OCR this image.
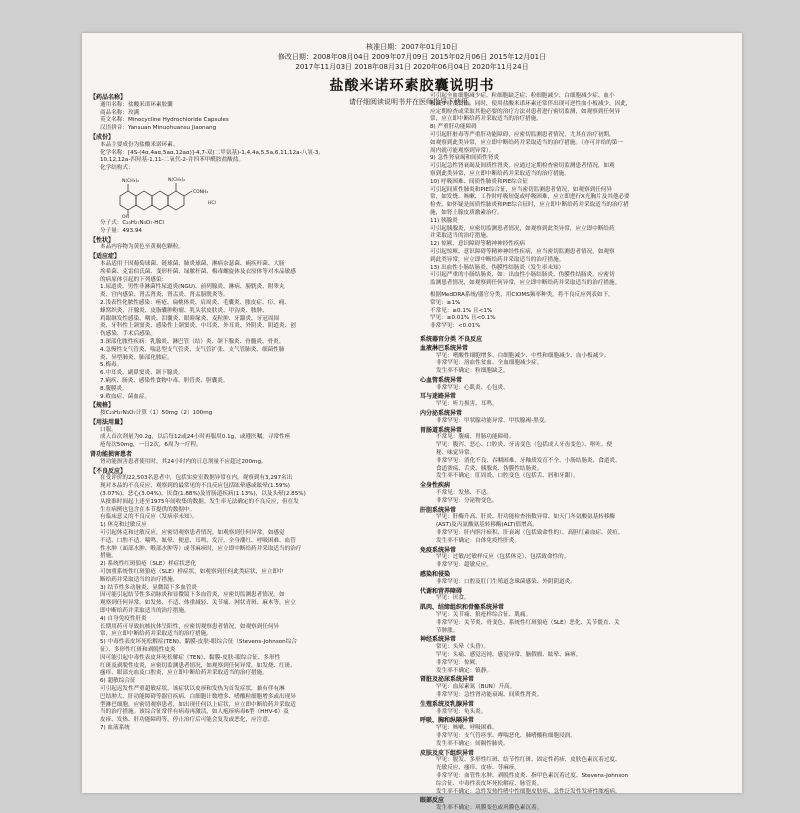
核准日期：2007年01月10日
修改日期：2008年08月04日 2009年07月09日 2015年02月06日 2015年12月01日
2017年11月03日 2018年08月31日 2020年06月04日 2020年11月24日
盐酸米诺环素胶囊说明书
请仔细阅读说明书并在医师指导下使用。

【药品名称】

通用名称：盐酸米诺环素胶囊

商品名称：玫满

英文名称：Minocycline Hydrochloride Capsules

汉语拼音：Yansuan Minuohuansu Jiaonang

【成份】

本品主要成份为盐酸米诺环素。

化学名称：[4S-(4α,4aα,5aα,12aα)]-4,7-双(二甲氨基)-1,4,4a,5,5a,6,11,12a-八氢-3,

10,12,12a-四羟基-1,11-二氧代-2-并四苯甲酰胺盐酸盐。

化学结构式：

N(CH₃)₂	N(CH₃)₂
CONH₂
HCl
OH

分子式：C₂₃H₂₇N₃O₇·HCl

分子量：493.94

【性状】

本品内容物为黄色至黄褐色颗粒。

【适应症】

本品适用于因葡萄球菌、链球菌、肺炎球菌、淋病奈瑟菌、痢疾杆菌、大肠

埃希菌、克雷伯氏菌、变形杆菌、绿脓杆菌、梅毒螺旋体及衣原体等对本品敏感

的病原体引起的下列感染：

1.尿道炎、男性非淋菌性尿道炎(NGU)、前列腺炎、淋病、膀胱炎、附睾丸

炎、宫内感染、肾盂肾炎、肾盂炎、肾盂膀胱炎等。

2.浅表性化脓性感染：痤疮、扁桃体炎、肩周炎、毛囊炎、脓皮症、疖、痈、

蜂窝织炎、汗腺炎、皮脂囊肿粉瘤、乳头状皮肤炎、甲沟炎、脓肿、

鸡眼继发性感染、咽炎、泪囊炎、眼睑缘炎、麦粒肿、牙龈炎、牙冠周围

炎、牙科性上颌窦炎、感染性上颌窦炎、中耳炎、外耳炎、外阴炎、阴道炎、创

伤感染、手术后感染。

3.深部化脓性疾病：乳腺炎、淋巴管（结）炎、颌下腺炎、骨髓炎、骨炎。

4.急慢性支气管炎、喘息型支气管炎、支气管扩张、支气管肺炎、细菌性肺

炎、异型肺炎、肺部化脓症。

5.梅毒。

6.中耳炎、副鼻窦炎、颌下腺炎。

7.痢疾、肠炎、感染性食物中毒、胆管炎、胆囊炎。

8.腹膜炎。

9.败血症、菌血症。

【规格】

按C₂₃H₂₇N₃O₇计算（1）50mg（2）100mg

【用法用量】

口服。

成人首次剂量为0.2g，以后每12或24小时再服用0.1g，或遵医嘱。寻常性痤

疮每次50mg，一日2次，6周为一疗程。

肾功能损害患者

肾功能损害患者使用时，其24小时内的日总剂量不应超过200mg。

【不良反应】

在受评价的22,503名患者中，包括实验室数据异常在内，观察到有3,297名出

现对本品的不良反应，观察到的最常见的不良反应包括眩晕感或眩晕(1.59%)

(3.07%)、恶心(3.04%)、厌食(1.88%)及胃肠道疾病(1.13%)，以及头晕(2.85%)

从批准时间起上述至1975年间收集的数据。发生率无法确定的不良反应，但在发

生在病例也包含在本节提供的数据中。

有临床意义的不良反应（发病率未知）。

1) 休克和过敏反应

可引起休克和过敏反应，应密切观察患者情况。如观察到任何异常，如感觉

不适、口腔不适、喘鸣、眩晕、便意、耳鸣、发汗、全身潮红、呼吸困难、血管

性水肿（面部水肿、喉部水肿等）或荨麻疹时，应立即中断给药并采取适当的治疗

措施。

2) 系统性红斑狼疮（SLE）样症状恶化

可加重系统性红斑狼疮（SLE）样症状，如观察到任何此类症状，应立即中

断给药并采取适当的治疗措施。

3) 结节性多动脉炎、显微镜下多血管炎

因可能引起结节性多动脉炎和显微镜下多血管炎，应密切监测患者情况。如

观察到任何异常，如发热、不适、体重减轻、关节痛、网状青斑、麻木等，应立

即中断给药并采取适当的治疗措施。

4) 自身免疫性肝炎

长期用药可导致抗核抗体呈阳性，应密切观察患者情况，如观察到任何异

常，应立即中断给药并采取适当的治疗措施。

5) 中毒性表皮坏死松解症(TEN)、黏膜-皮肤-眼综合征（Stevens-Johnson综合

征）、多形性红斑和剥脱性皮炎

因可能引起中毒性表皮坏死松解症（TEN）、黏膜-皮肤-眼综合征、多形性

红斑及剥脱性皮炎，应密切监测患者情况，如观察到任何异常，如发烧、红斑、

瘙痒、眼部充血及口腔炎，应立即中断给药并采取适当的治疗措施。

6) 超敏综合征

可引起迟发性严重超敏症状，该症状以皮疹和发热为首发症状，兼有伴有淋

巴结肿大、肝功能障碍等器官疾病、白细胞计数增多、嗜酸粒细胞增多或出现异

型淋巴细胞。应密切观察患者，如出现任何以上症状，应立即中断给药并采取适

当的治疗措施。该综合征常伴有病毒再激活，如人疱疹病毒6型（HHV-6）及

皮疹、发热、肝功能障碍等，停止治疗后可能会复发或恶化，应注意。

7) 血液系统

可引起全血细胞减少症、粒细胞缺乏症、粒细胞减少、白细胞减少症、血小

板减少症及贫血，同时，使用盐酸米诺环素还常伴出现可逆性血小板减少，因此，

应定期检查或采取其他必要的治疗方法对患者进行密切监测，如观察到任何异

常，应立即中断给药并采取适当的治疗措施。

8) 严重肝功能障碍

可引起肝脏毒等严重肝功能障碍，应密切监测患者情况，尤其在治疗初期，

如观察到此类异常，应立即中断给药并采取适当的治疗措施。（亦可并给的第一

周内就可能观察到异常）。

9) 急性肾衰竭和间质性肾炎

可引起急性肾衰竭及间质性肾炎，应通过定期检查密切监测患者情况，如观

察到此类异常，应立即中断给药并采取适当的治疗措施。

10) 呼吸困难、间质性肺炎和PIE综合征

可引起间质性肺炎和PIE综合征，应当密切监测患者情况，如观察到任何异

常，如发烧、咳嗽、工作时呼吸短促或呼吸困难，应立即进行X光胸片及其他必要

检查，如怀疑是间质性肺炎和PIE综合征时，应立即中断给药并采取适当的治疗措

施，如肾上腺皮质激素治疗。

11) 胰腺炎

可引起胰腺炎，应密切监测患者情况，如观察到此类异常，应立即中断给药

并采取适当的治疗措施。

12) 惊厥、意识障碍等精神神经性疾病

可引起惊厥、意识障碍等精神神经性疾病，应当密切监测患者情况，如观察

到此类异常，应立即中断给药并采取适当的治疗措施。

13) 出血性小肠结肠炎、伪膜性结肠炎（发生率未知）

可引起严重的小肠结肠炎、如：出血性小肠结肠炎、伪膜性结肠炎，应密切

监测患者情况，如观察到任何异常，应立即中断给药并采取适当的治疗措施。

根据MedDRA系统/器官分类，用CIOMS频率种类，将不良反应列表如下。

常见：≥1%

不常见：≥0.1% 且<1%

罕见：≥0.01% 且<0.1%

非常罕见：<0.01%

系统器官分类 不良反应

血液淋巴系统异常

罕见：嗜酸性细胞增多、白细胞减少、中性和细胞减少、血小板减少。

非常罕见：溶血性贫血、全血细胞减少症。

发生率不确定：粒细胞缺乏。

心血管系统异常

非常罕见：心肌炎、心包炎。

耳与迷路异常

罕见：听力损害、耳鸣。

内分泌系统异常

非常罕见：甲状腺功能异常、甲状腺褐-黑变。

胃肠道系统异常

不常见：腹痛、胃肠功能障碍。

罕见：腹泻、恶心、口腔炎、牙齿变色（包括成人牙齿变色）、呕吐、便

秘、味觉异常。

非常罕见：消化不良、吞咽困难、牙釉质发育不全、小肠结肠炎、食道炎、

食道溃疡、舌炎、胰腺炎、伪膜性结肠炎。

发生率不确定：肛周炎、口腔变色（包括舌、唇和牙龈）。

全身性疾病

不常见：发热、不适。

非常罕见：分泌物变色。

肝胆系统异常

罕见：肝酶升高、肝炎、肝功能检查指数异常、如天门冬氨酸氨基转移酶

(AST)及丙氨酸氨基转移酶(ALT)值增高。

非常罕见：肝内胆汁瘀积、肝衰竭（包括致命性的）、高胆红素血症、黄疸。

发生率不确定：自体免疫性肝炎。

免疫系统异常

罕见：过敏/过敏样反应（包括休克）、包括致命性的。

非常罕见：超敏反应。

感染和侵染

非常罕见：口腔及肛门生殖道念珠菌感染、外阴阴道炎。

代谢和营养障碍

罕见：厌食。

肌肉、结缔组织和骨骼系统异常

罕见：关节痛、狼疮样综合征、肌痛。

非常罕见：关节炎、骨变色、系统性红斑狼疮（SLE）恶化、关节僵直、关

节肿胀。

神经系统异常

常见：头晕（头昏）。

罕见：头痛、感觉迟钝、感觉异常、脑假瘤、眩晕、麻痹。

非常罕见：惊厥。

发生率不确定：镇静。

肾脏及泌尿系统异常

罕见：血尿素氮（BUN）升高。

非常罕见：急性肾功能衰竭、间质性肾炎。

生殖系统及乳腺异常

非常罕见：龟头炎。

呼吸、胸和纵隔异常

罕见：咳嗽、呼吸困难。

非常罕见：支气管痉挛、哮喘恶化、肺嗜酸粒细胞浸润。

发生率不确定：间隔性肺炎。

皮肤及皮下组织异常

罕见：脱发、多形性红斑、结节性红斑、固定性药疹、皮肤色素沉着过度、

光敏反应、瘙痒、皮疹、荨麻疹。

非常罕见：血管性水肿、剥脱性皮炎、指甲色素沉着过度、Stevens-Johnson

综合征、中毒性表皮坏死松解症、脉管炎。

发生率不确定：急性发热性嗜中性细胞皮肤病、急性泛发性发疹性脓疱病。

眼部反应

发生率不确定：巩膜变色或巩膜色素沉着。
